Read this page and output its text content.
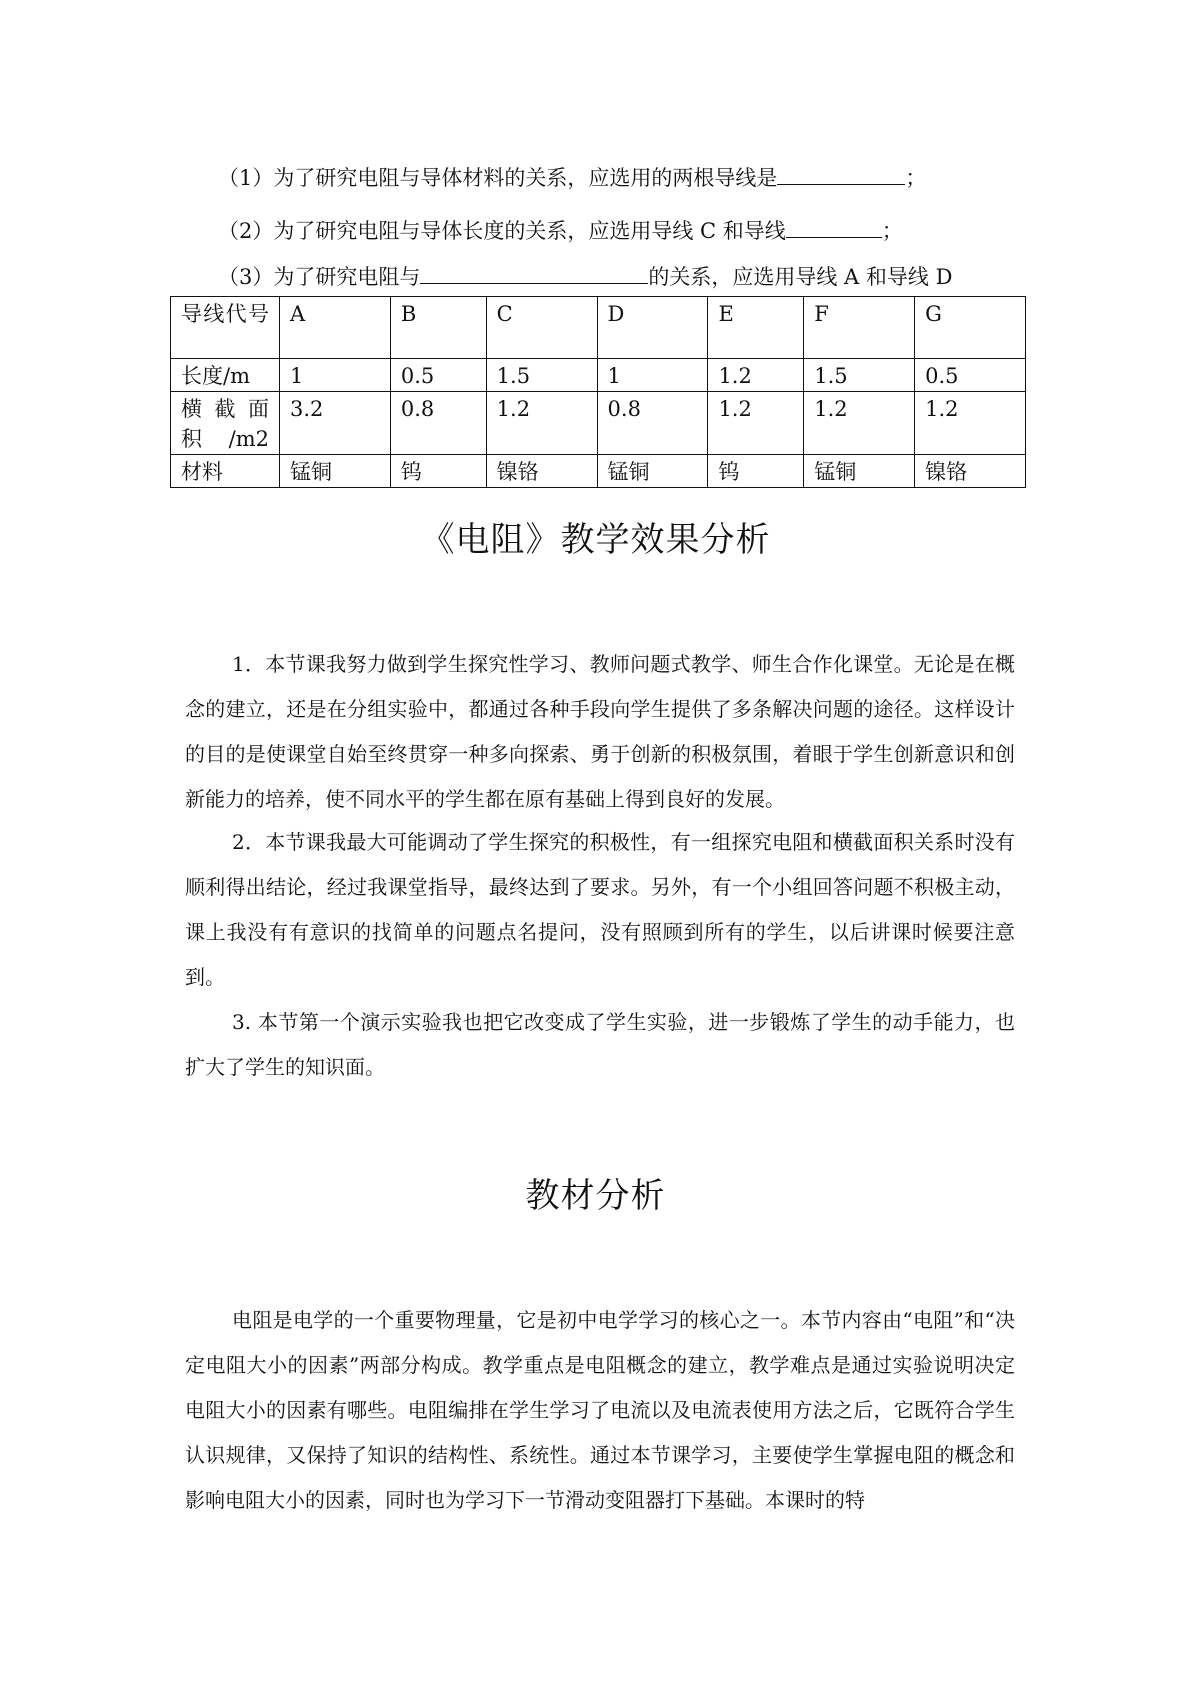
（1）为了研究电阻与导体材料的关系，应选用的两根导线是	；
（2）为了研究电阻与导体长度的关系，应选用导线 C 和导线	；
（3）为了研究电阻与	的关系，应选用导线 A 和导线 D
导线代号	A	B	C	D	E	F	G
长度/m	1	0.5	1.5	1	1.2	1.5	0.5
横截面积/m2	3.2	0.8	1.2	0.8	1.2	1.2	1.2
材料	锰铜	钨	镍铬	锰铜	钨	锰铜	镍铬
《电阻》教学效果分析

1．本节课我努力做到学生探究性学习、教师问题式教学、师生合作化课堂。无论是在概念的建立，还是在分组实验中，都通过各种手段向学生提供了多条解决问题的途径。这样设计的目的是使课堂自始至终贯穿一种多向探索、勇于创新的积极氛围，着眼于学生创新意识和创新能力的培养，使不同水平的学生都在原有基础上得到良好的发展。

2．本节课我最大可能调动了学生探究的积极性，有一组探究电阻和横截面积关系时没有顺利得出结论，经过我课堂指导，最终达到了要求。另外，有一个小组回答问题不积极主动，课上我没有有意识的找简单的问题点名提问，没有照顾到所有的学生，以后讲课时候要注意到。

3. 本节第一个演示实验我也把它改变成了学生实验，进一步锻炼了学生的动手能力，也扩大了学生的知识面。

教材分析

电阻是电学的一个重要物理量，它是初中电学学习的核心之一。本节内容由“电阻”和“决定电阻大小的因素”两部分构成。教学重点是电阻概念的建立，教学难点是通过实验说明决定电阻大小的因素有哪些。电阻编排在学生学习了电流以及电流表使用方法之后，它既符合学生认识规律，又保持了知识的结构性、系统性。通过本节课学习，主要使学生掌握电阻的概念和影响电阻大小的因素，同时也为学习下一节滑动变阻器打下基础。本课时的特
